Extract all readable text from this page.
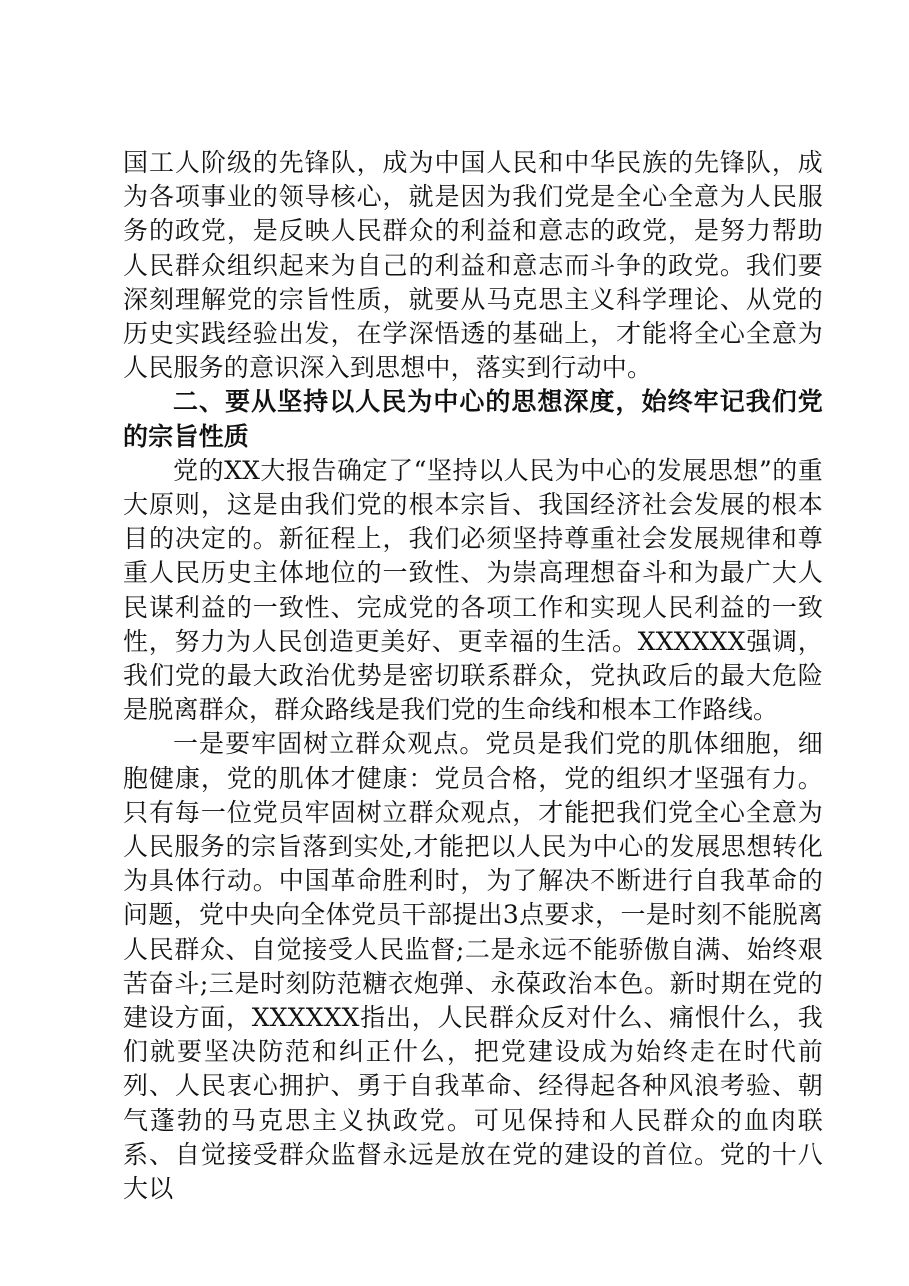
国工人阶级的先锋队，成为中国人民和中华民族的先锋队，成为各项事业的领导核心，就是因为我们党是全心全意为人民服务的政党，是反映人民群众的利益和意志的政党，是努力帮助人民群众组织起来为自己的利益和意志而斗争的政党。我们要深刻理解党的宗旨性质，就要从马克思主义科学理论、从党的历史实践经验出发，在学深悟透的基础上，才能将全心全意为人民服务的意识深入到思想中，落实到行动中。

二、要从坚持以人民为中心的思想深度，始终牢记我们党的宗旨性质

党的XX大报告确定了“坚持以人民为中心的发展思想”的重大原则，这是由我们党的根本宗旨、我国经济社会发展的根本目的决定的。新征程上，我们必须坚持尊重社会发展规律和尊重人民历史主体地位的一致性、为崇高理想奋斗和为最广大人民谋利益的一致性、完成党的各项工作和实现人民利益的一致性，努力为人民创造更美好、更幸福的生活。XXXXXX强调，我们党的最大政治优势是密切联系群众，党执政后的最大危险是脱离群众，群众路线是我们党的生命线和根本工作路线。

一是要牢固树立群众观点。党员是我们党的肌体细胞，细胞健康，党的肌体才健康：党员合格，党的组织才坚强有力。只有每一位党员牢固树立群众观点，才能把我们党全心全意为人民服务的宗旨落到实处,才能把以人民为中心的发展思想转化为具体行动。中国革命胜利时，为了解决不断进行自我革命的问题，党中央向全体党员干部提出3点要求，一是时刻不能脱离人民群众、自觉接受人民监督;二是永远不能骄傲自满、始终艰苦奋斗;三是时刻防范糖衣炮弹、永葆政治本色。新时期在党的建设方面，XXXXXX指出，人民群众反对什么、痛恨什么，我们就要坚决防范和纠正什么，把党建设成为始终走在时代前列、人民衷心拥护、勇于自我革命、经得起各种风浪考验、朝气蓬勃的马克思主义执政党。可见保持和人民群众的血肉联系、自觉接受群众监督永远是放在党的建设的首位。党的十八大以
